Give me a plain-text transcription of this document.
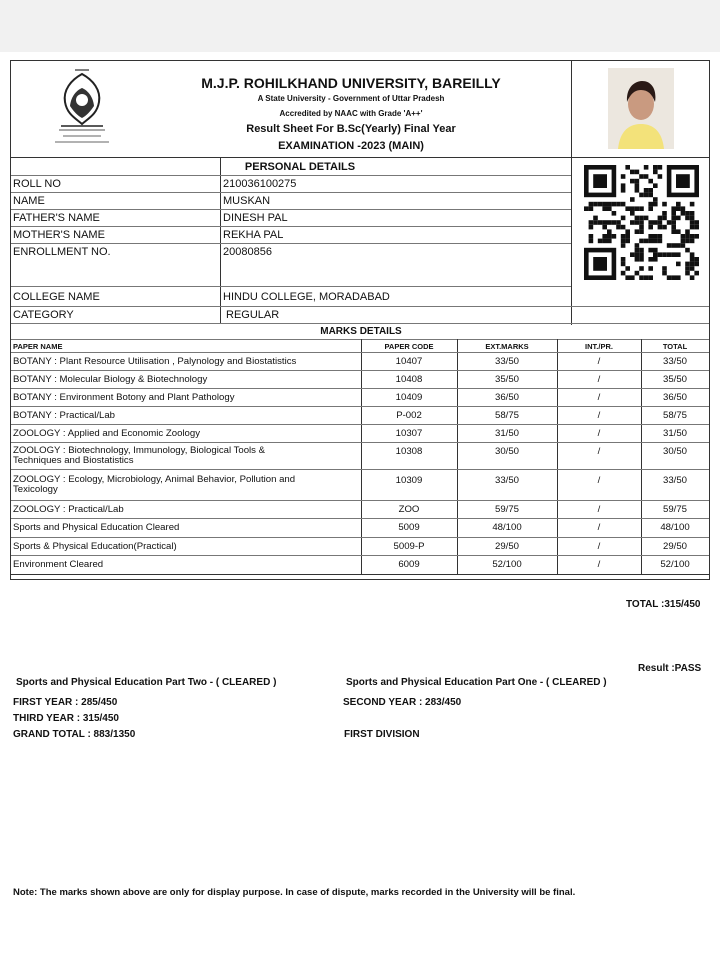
M.J.P. ROHILKHAND UNIVERSITY, BAREILLY
A State University - Government of Uttar Pradesh
Accredited by NAAC with Grade 'A++'
Result Sheet For B.Sc(Yearly) Final Year
EXAMINATION -2023 (MAIN)
PERSONAL DETAILS
ROLL NO	210036100275
NAME	MUSKAN
FATHER'S NAME	DINESH PAL
MOTHER'S NAME	REKHA PAL
ENROLLMENT NO.	20080856
COLLEGE NAME	HINDU COLLEGE, MORADABAD
CATEGORY	REGULAR
MARKS DETAILS
PAPER NAME	PAPER CODE	EXT.MARKS	INT./PR.	TOTAL
BOTANY : Plant Resource Utilisation , Palynology and Biostatistics	10407	33/50	/	33/50
BOTANY : Molecular Biology & Biotechnology	10408	35/50	/	35/50
BOTANY : Environment Botony and Plant Pathology	10409	36/50	/	36/50
BOTANY : Practical/Lab	P-002	58/75	/	58/75
ZOOLOGY : Applied and Economic Zoology	10307	31/50	/	31/50
ZOOLOGY : Biotechnology, Immunology, Biological Tools &
Techniques and Biostatistics
10308	30/50	/	30/50
ZOOLOGY : Ecology, Microbiology, Animal Behavior, Pollution and
Texicology
10309	33/50	/	33/50
ZOOLOGY : Practical/Lab	ZOO	59/75	/	59/75
Sports and Physical Education Cleared	5009	48/100	/	48/100
Sports & Physical Education(Practical)	5009-P	29/50	/	29/50
Environment Cleared	6009	52/100	/	52/100
TOTAL :315/450
Result :PASS
Sports and Physical Education Part Two - ( CLEARED )	Sports and Physical Education Part One - ( CLEARED )
FIRST YEAR : 285/450	SECOND YEAR : 283/450
THIRD YEAR : 315/450
GRAND TOTAL : 883/1350	FIRST DIVISION
Note: The marks shown above are only for display purpose. In case of dispute, marks recorded in the University will be final.
